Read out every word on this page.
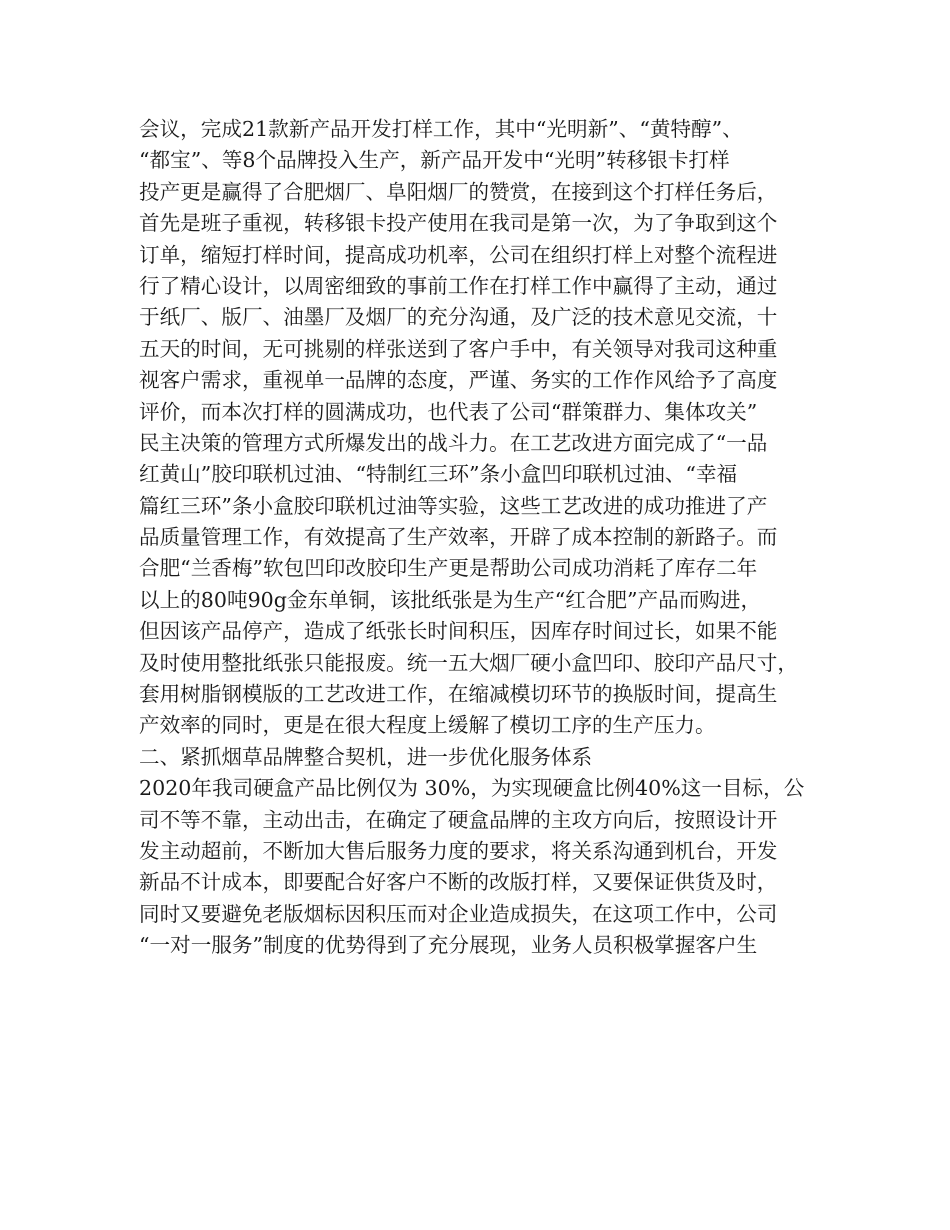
会议，完成21款新产品开发打样工作，其中“光明新”、“黄特醇”、
“都宝”、等8个品牌投入生产，新产品开发中“光明”转移银卡打样
投产更是赢得了合肥烟厂、阜阳烟厂的赞赏，在接到这个打样任务后，
首先是班子重视，转移银卡投产使用在我司是第一次，为了争取到这个
订单，缩短打样时间，提高成功机率，公司在组织打样上对整个流程进
行了精心设计，以周密细致的事前工作在打样工作中赢得了主动，通过
于纸厂、版厂、油墨厂及烟厂的充分沟通，及广泛的技术意见交流，十
五天的时间，无可挑剔的样张送到了客户手中，有关领导对我司这种重
视客户需求，重视单一品牌的态度，严谨、务实的工作作风给予了高度
评价，而本次打样的圆满成功，也代表了公司“群策群力、集体攻关”
民主决策的管理方式所爆发出的战斗力。在工艺改进方面完成了“一品
红黄山”胶印联机过油、“特制红三环”条小盒凹印联机过油、“幸福
篇红三环”条小盒胶印联机过油等实验，这些工艺改进的成功推进了产
品质量管理工作，有效提高了生产效率，开辟了成本控制的新路子。而
合肥“兰香梅”软包凹印改胶印生产更是帮助公司成功消耗了库存二年
以上的80吨90g金东单铜，该批纸张是为生产“红合肥”产品而购进，
但因该产品停产，造成了纸张长时间积压，因库存时间过长，如果不能
及时使用整批纸张只能报废。统一五大烟厂硬小盒凹印、胶印产品尺寸，
套用树脂钢模版的工艺改进工作，在缩减模切环节的换版时间，提高生
产效率的同时，更是在很大程度上缓解了模切工序的生产压力。
二、紧抓烟草品牌整合契机，进一步优化服务体系
2020年我司硬盒产品比例仅为 30%，为实现硬盒比例40%这一目标，公
司不等不靠，主动出击，在确定了硬盒品牌的主攻方向后，按照设计开
发主动超前，不断加大售后服务力度的要求，将关系沟通到机台，开发
新品不计成本，即要配合好客户不断的改版打样，又要保证供货及时，
同时又要避免老版烟标因积压而对企业造成损失，在这项工作中，公司
“一对一服务”制度的优势得到了充分展现，业务人员积极掌握客户生
